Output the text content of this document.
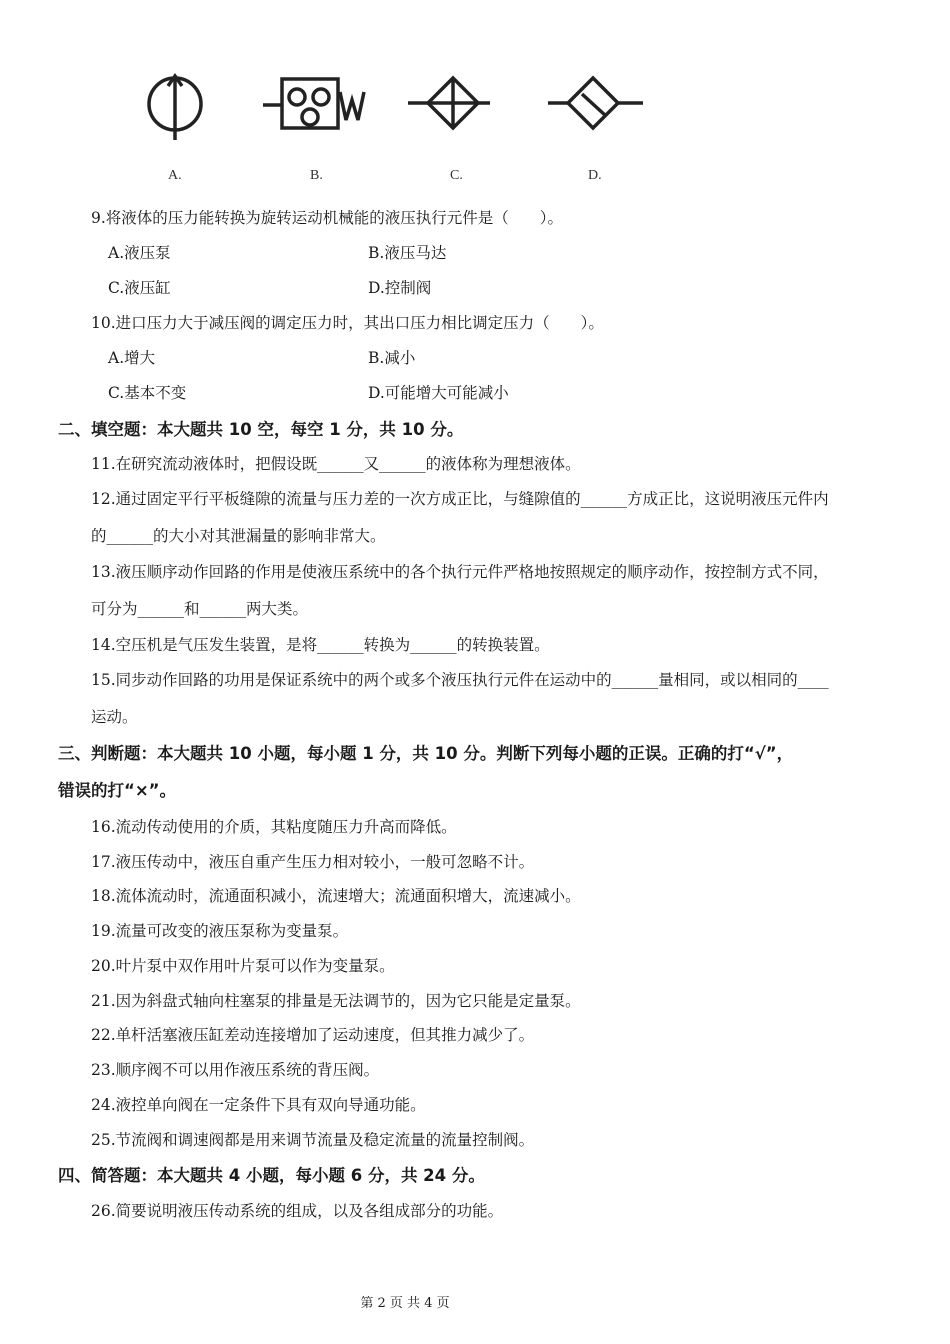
A.	B.	C.	D.
9.将液体的压力能转换为旋转运动机械能的液压执行元件是（　　）。
A.液压泵	B.液压马达
C.液压缸	D.控制阀
10.进口压力大于减压阀的调定压力时，其出口压力相比调定压力（　　）。
A.增大	B.减小
C.基本不变	D.可能增大可能减小
二、填空题：本大题共 10 空，每空 1 分，共 10 分。
11.在研究流动液体时，把假设既______又______的液体称为理想液体。
12.通过固定平行平板缝隙的流量与压力差的一次方成正比，与缝隙值的______方成正比，这说明液压元件内
的______的大小对其泄漏量的影响非常大。
13.液压顺序动作回路的作用是使液压系统中的各个执行元件严格地按照规定的顺序动作，按控制方式不同，
可分为______和______两大类。
14.空压机是气压发生装置，是将______转换为______的转换装置。
15.同步动作回路的功用是保证系统中的两个或多个液压执行元件在运动中的______量相同，或以相同的____
运动。
三、判断题：本大题共 10 小题，每小题 1 分，共 10 分。判断下列每小题的正误。正确的打“√”，
错误的打“×”。
16.流动传动使用的介质，其粘度随压力升高而降低。
17.液压传动中，液压自重产生压力相对较小，一般可忽略不计。
18.流体流动时，流通面积减小，流速增大；流通面积增大，流速减小。
19.流量可改变的液压泵称为变量泵。
20.叶片泵中双作用叶片泵可以作为变量泵。
21.因为斜盘式轴向柱塞泵的排量是无法调节的，因为它只能是定量泵。
22.单杆活塞液压缸差动连接增加了运动速度，但其推力减少了。
23.顺序阀不可以用作液压系统的背压阀。
24.液控单向阀在一定条件下具有双向导通功能。
25.节流阀和调速阀都是用来调节流量及稳定流量的流量控制阀。
四、简答题：本大题共 4 小题，每小题 6 分，共 24 分。
26.简要说明液压传动系统的组成，以及各组成部分的功能。
第 2 页 共 4 页
